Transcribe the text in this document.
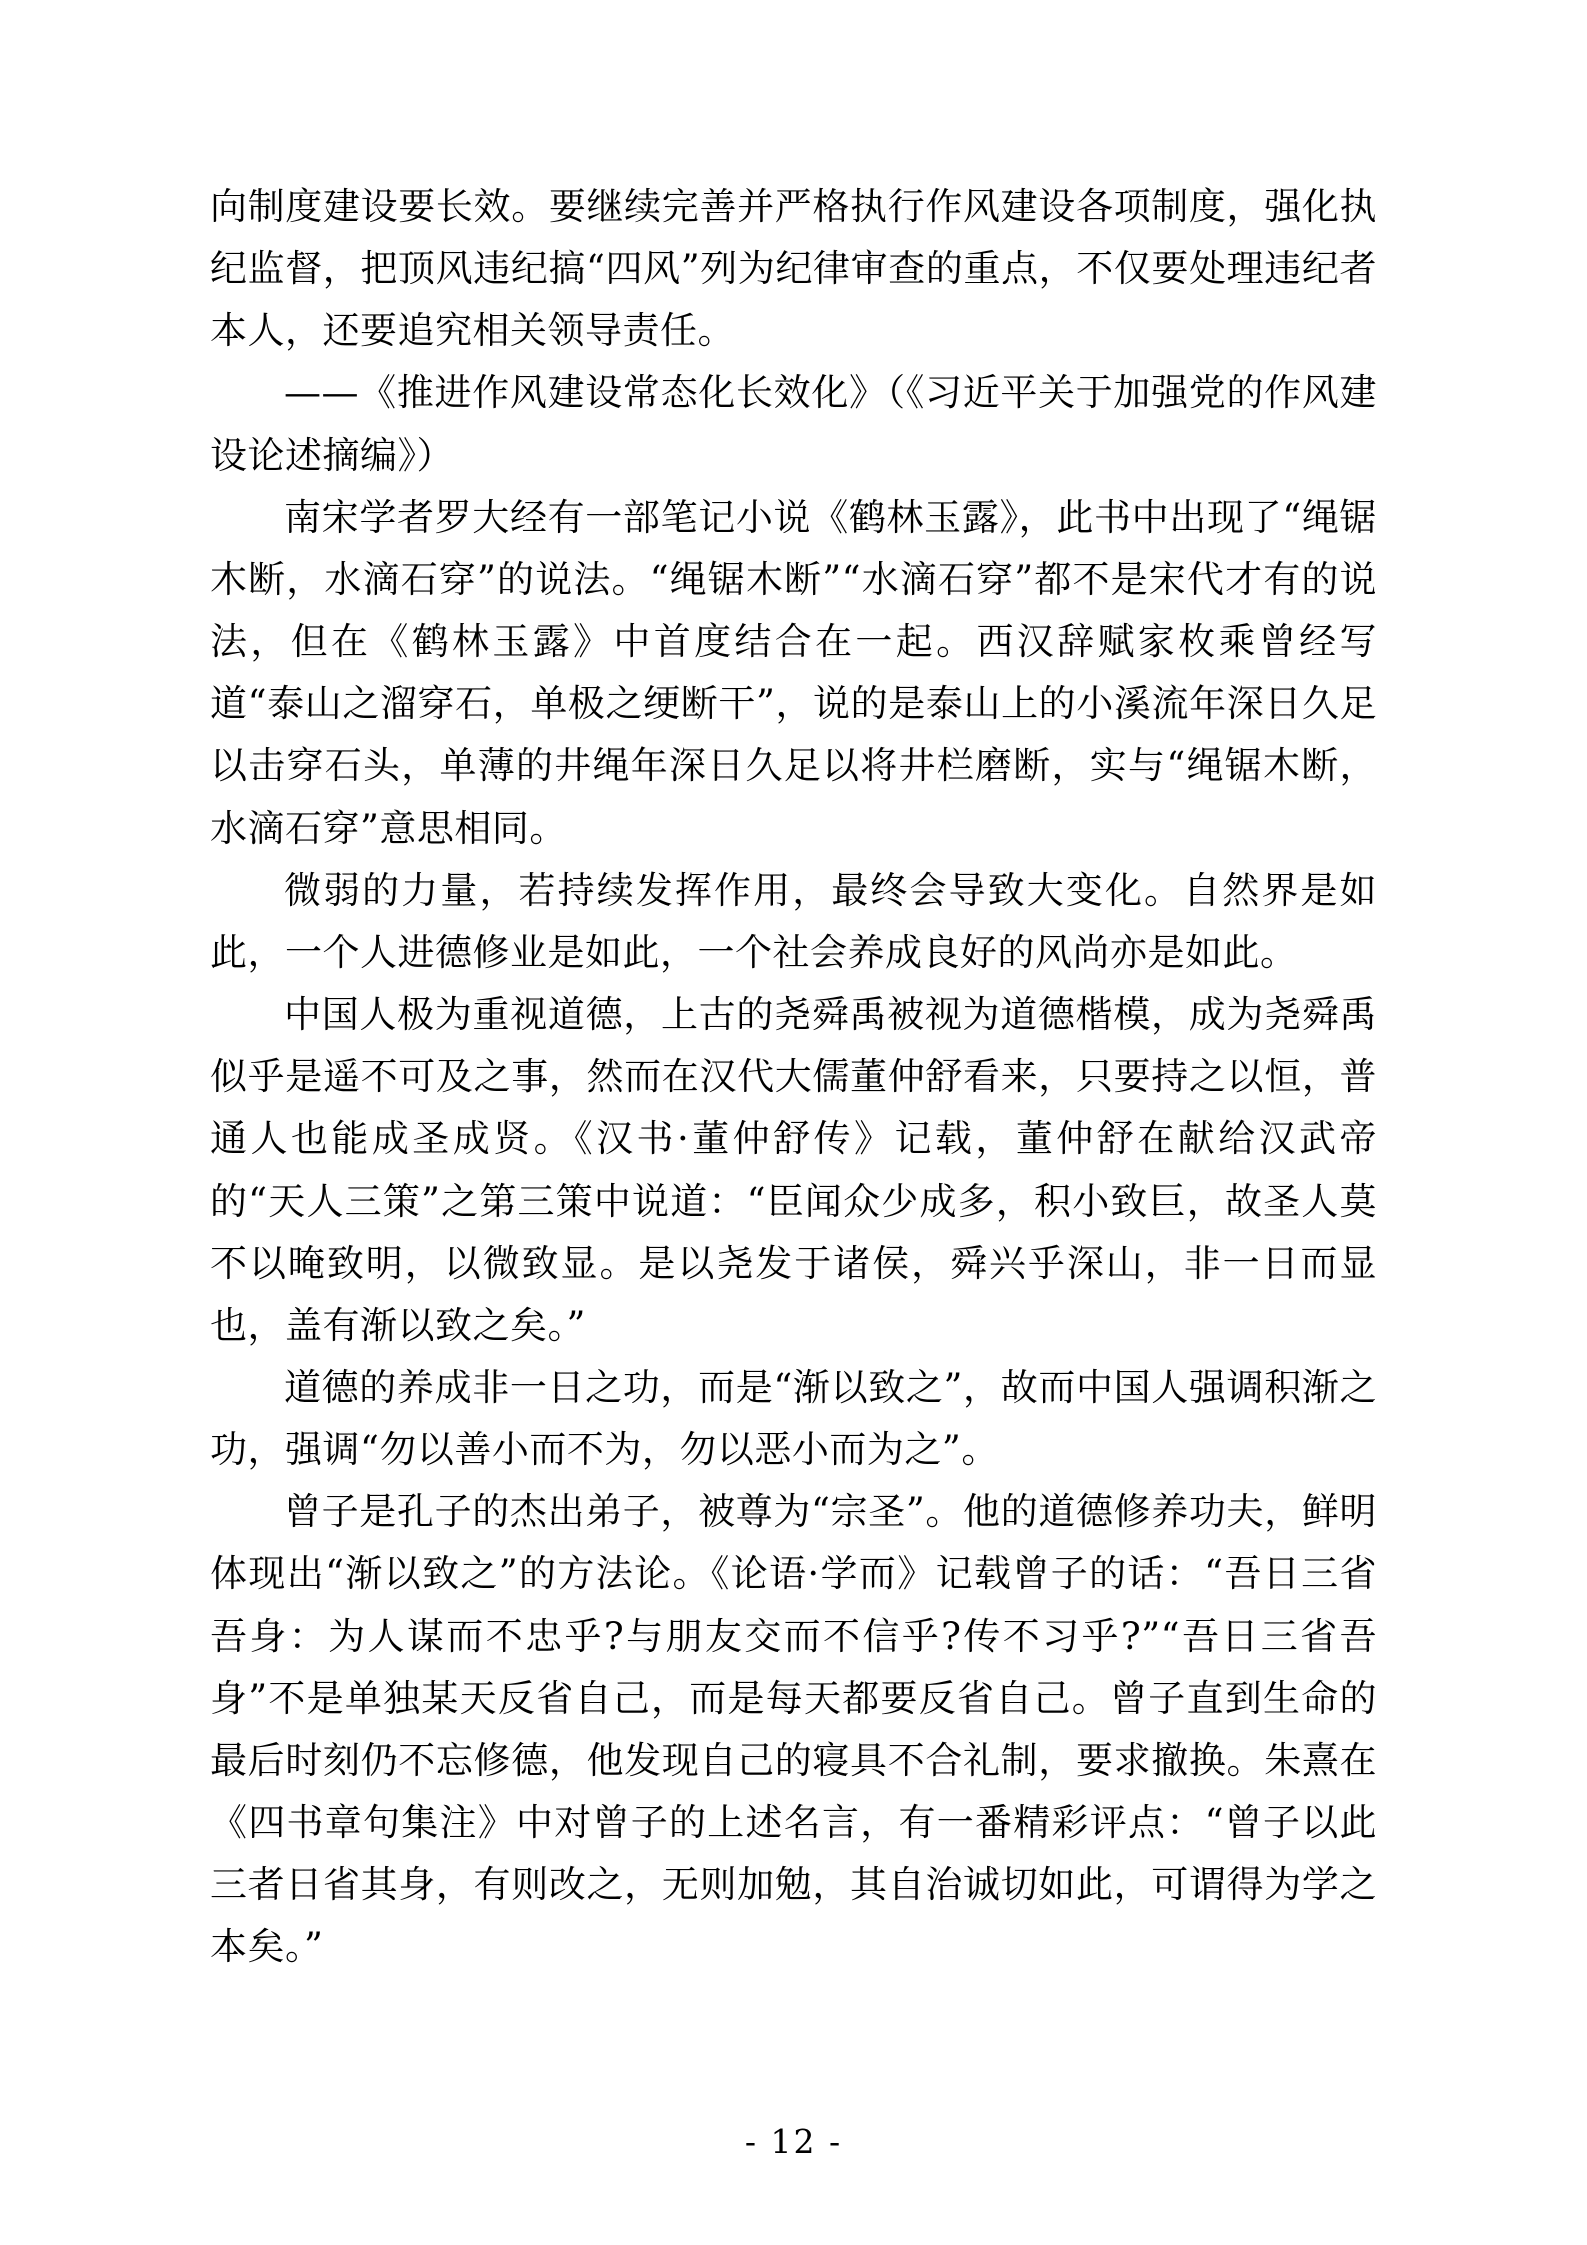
向制度建设要长效。要继续完善并严格执行作风建设各项制度，强化执纪监督，把顶风违纪搞“四风”列为纪律审查的重点，不仅要处理违纪者本人，还要追究相关领导责任。

——《推进作风建设常态化长效化》（《习近平关于加强党的作风建设论述摘编》）

南宋学者罗大经有一部笔记小说《鹤林玉露》，此书中出现了“绳锯木断，水滴石穿”的说法。“绳锯木断”“水滴石穿”都不是宋代才有的说法，但在《鹤林玉露》中首度结合在一起。西汉辞赋家枚乘曾经写道“泰山之溜穿石，单极之绠断干”，说的是泰山上的小溪流年深日久足以击穿石头，单薄的井绳年深日久足以将井栏磨断，实与“绳锯木断，水滴石穿”意思相同。

微弱的力量，若持续发挥作用，最终会导致大变化。自然界是如此，一个人进德修业是如此，一个社会养成良好的风尚亦是如此。

中国人极为重视道德，上古的尧舜禹被视为道德楷模，成为尧舜禹似乎是遥不可及之事，然而在汉代大儒董仲舒看来，只要持之以恒，普通人也能成圣成贤。《汉书·董仲舒传》记载，董仲舒在献给汉武帝的“天人三策”之第三策中说道：“臣闻众少成多，积小致巨，故圣人莫不以晻致明，以微致显。是以尧发于诸侯，舜兴乎深山，非一日而显也，盖有渐以致之矣。”

道德的养成非一日之功，而是“渐以致之”，故而中国人强调积渐之功，强调“勿以善小而不为，勿以恶小而为之”。

曾子是孔子的杰出弟子，被尊为“宗圣”。他的道德修养功夫，鲜明体现出“渐以致之”的方法论。《论语·学而》记载曾子的话：“吾日三省吾身：为人谋而不忠乎?与朋友交而不信乎?传不习乎?”“吾日三省吾身”不是单独某天反省自己，而是每天都要反省自己。曾子直到生命的最后时刻仍不忘修德，他发现自己的寝具不合礼制，要求撤换。朱熹在《四书章句集注》中对曾子的上述名言，有一番精彩评点：“曾子以此三者日省其身，有则改之，无则加勉，其自治诚切如此，可谓得为学之本矣。”

- 12 -
